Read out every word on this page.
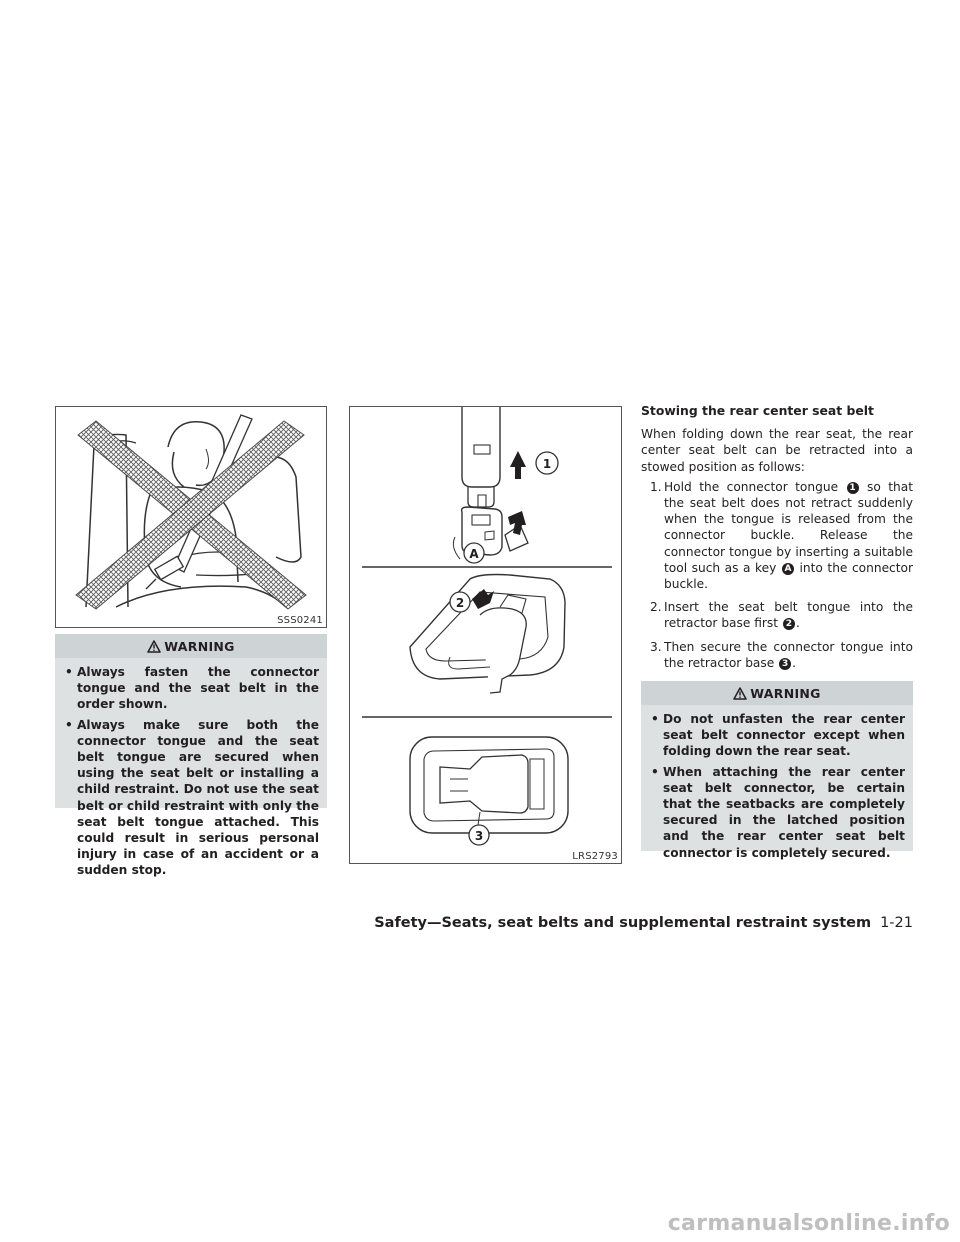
SSS0241
WARNING
• Always fasten the connector tongue and the seat belt in the order shown.
• Always make sure both the connector tongue and the seat belt tongue are secured when using the seat belt or installing a child restraint. Do not use the seat belt or child restraint with only the seat belt tongue attached. This could result in serious personal injury in case of an accident or a sudden stop.
1
A
2
3
LRS2793
Stowing the rear center seat belt

When folding down the rear seat, the rear center seat belt can be retracted into a stowed position as follows:

1. Hold the connector tongue 1 so that the seat belt does not retract suddenly when the tongue is released from the connector buckle. Release the connector tongue by inserting a suitable tool such as a key A into the connector buckle.
2. Insert the seat belt tongue into the retractor base first 2 .
3. Then secure the connector tongue into the retractor base 3 .
WARNING
• Do not unfasten the rear center seat belt connector except when folding down the rear seat.
• When attaching the rear center seat belt connector, be certain that the seatbacks are completely secured in the latched position and the rear center seat belt connector is completely secured.
Safety—Seats, seat belts and supplemental restraint system 1-21
carmanualsonline.info
